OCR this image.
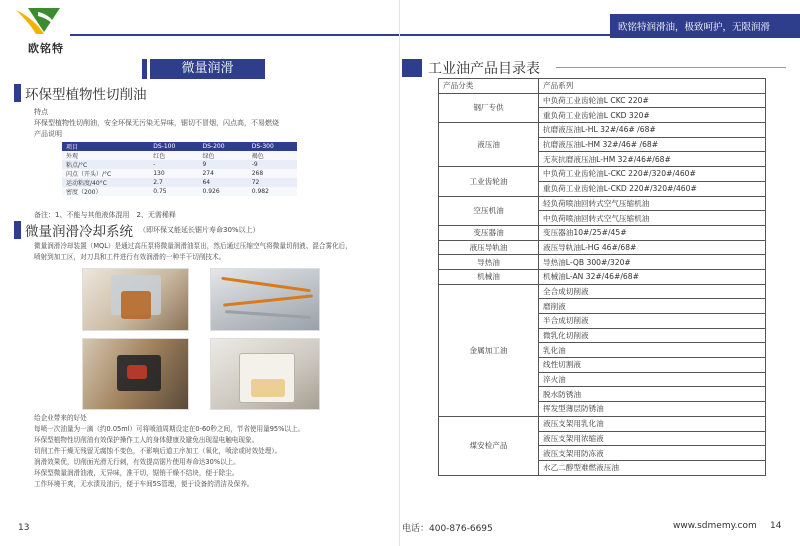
欧铭特
欧铭特润滑油，极致呵护，无限润滑
微量润滑
环保型植物性切削油
特点
环保型植物性切削油，安全环保无污染无异味，锯切不冒烟，闪点高，不易燃烧
产品说明
项目	DS-100	DS-200	DS-300
外观	红色	绿色	褐色
粘点/°C	-	9	-9
闪点（开头）/°C	130	274	268
运动粘度/40°C	2.7	64	72
密度（200）	0.75	0.926	0.982
备注：1、不能与其他液体混用　2、无需稀释
微量润滑冷却系统 （即环保又能延长锯片寿命30%以上）
微量润滑冷却装置（MQL）是通过高压泵将微量润滑油泵出，然后通过压缩空气将微量切削液、混合雾化后，
喷射到加工区，对刀具和工件进行有效润滑的一种半干切削技术。
给企业带来的好处
每喷一次油量为一滴（约0.05ml）可将喷油周期设定在0-60秒之间，节省使用量95%以上。
环保型植物性切削油有效保护操作工人的身体健康及避免出现湿电触电现象。
切削工件干燥无残留无腐蚀不变色，不影响后道工序加工（氧化，喷涂或时效处理）。
润滑效果优，切削面光滑无行刺，有效提高锯片使用寿命达30%以上。
环保型微量润滑油液，无异味，准干切，锯销干燥不结块，便于除尘。
工作环境干爽，无水渍及油污，便于车间5S管理，便于设备的清洁及保养。
13
工业油产品目录表
产品分类	产品系列
钢厂专供	中负荷工业齿轮油L CKC 220#
	重负荷工业齿轮油L CKD 320#
液压油	抗磨液压油L-HL 32#/46# /68#
	抗磨液压油L-HM 32#/46# /68#
	无灰抗磨液压油L-HM 32#/46#/68#
工业齿轮油	中负荷工业齿轮油L-CKC 220#/320#/460#
	重负荷工业齿轮油L-CKD 220#/320#/460#
空压机油	轻负荷喷油回转式空气压缩机油
	中负荷喷油回转式空气压缩机油
变压器油	变压器油10#/25#/45#
液压导轨油	液压导轨油L-HG 46#/68#
导热油	导热油L-QB 300#/320#
机械油	机械油L-AN 32#/46#/68#
金属加工油	全合成切削液
	磨削液
	半合成切削液
	微乳化切削液
	乳化油
	线性切割液
	淬火油
	脱水防锈油
	挥发型薄层防锈油
煤安检产品	液压支架用乳化油
	液压支架用浓缩液
	液压支架用防冻液
	水乙二醇型难燃液压油
电话：400-876-6695	www.sdmemy.com 14
